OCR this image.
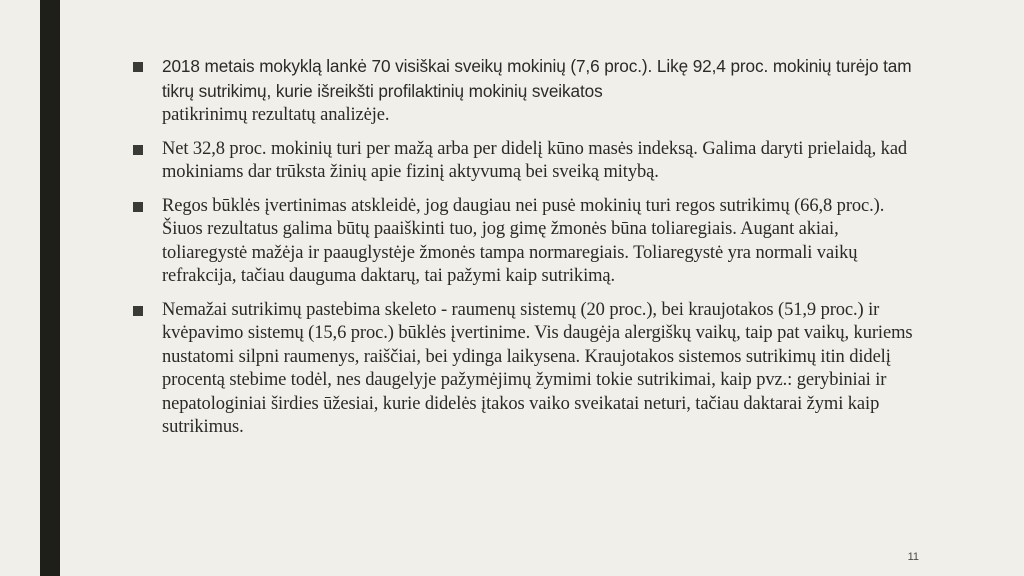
2018 metais mokyklą lankė 70 visiškai sveikų mokinių (7,6 proc.). Likę 92,4 proc. mokinių turėjo tam tikrų sutrikimų, kurie išreikšti profilaktinių mokinių sveikatos
patikrinimų rezultatų analizėje.
Net 32,8 proc. mokinių turi per mažą arba per didelį kūno masės indeksą. Galima daryti prielaidą, kad mokiniams dar trūksta žinių apie fizinį aktyvumą bei sveiką mitybą.
Regos būklės įvertinimas atskleidė, jog daugiau nei pusė mokinių turi regos sutrikimų (66,8 proc.). Šiuos rezultatus galima būtų paaiškinti tuo, jog gimę žmonės būna toliaregiais. Augant akiai, toliaregystė mažėja ir paauglystėje žmonės tampa normaregiais. Toliaregystė yra normali vaikų refrakcija, tačiau dauguma daktarų, tai pažymi kaip sutrikimą.
Nemažai sutrikimų pastebima skeleto - raumenų sistemų (20 proc.), bei kraujotakos (51,9 proc.) ir kvėpavimo sistemų (15,6 proc.) būklės įvertinime. Vis daugėja alergiškų vaikų, taip pat vaikų, kuriems nustatomi silpni raumenys, raiščiai, bei ydinga laikysena. Kraujotakos sistemos sutrikimų itin didelį procentą stebime todėl, nes daugelyje pažymėjimų žymimi tokie sutrikimai, kaip pvz.: gerybiniai ir nepatologiniai širdies ūžesiai, kurie didelės įtakos vaiko sveikatai neturi, tačiau daktarai žymi kaip sutrikimus.
11
